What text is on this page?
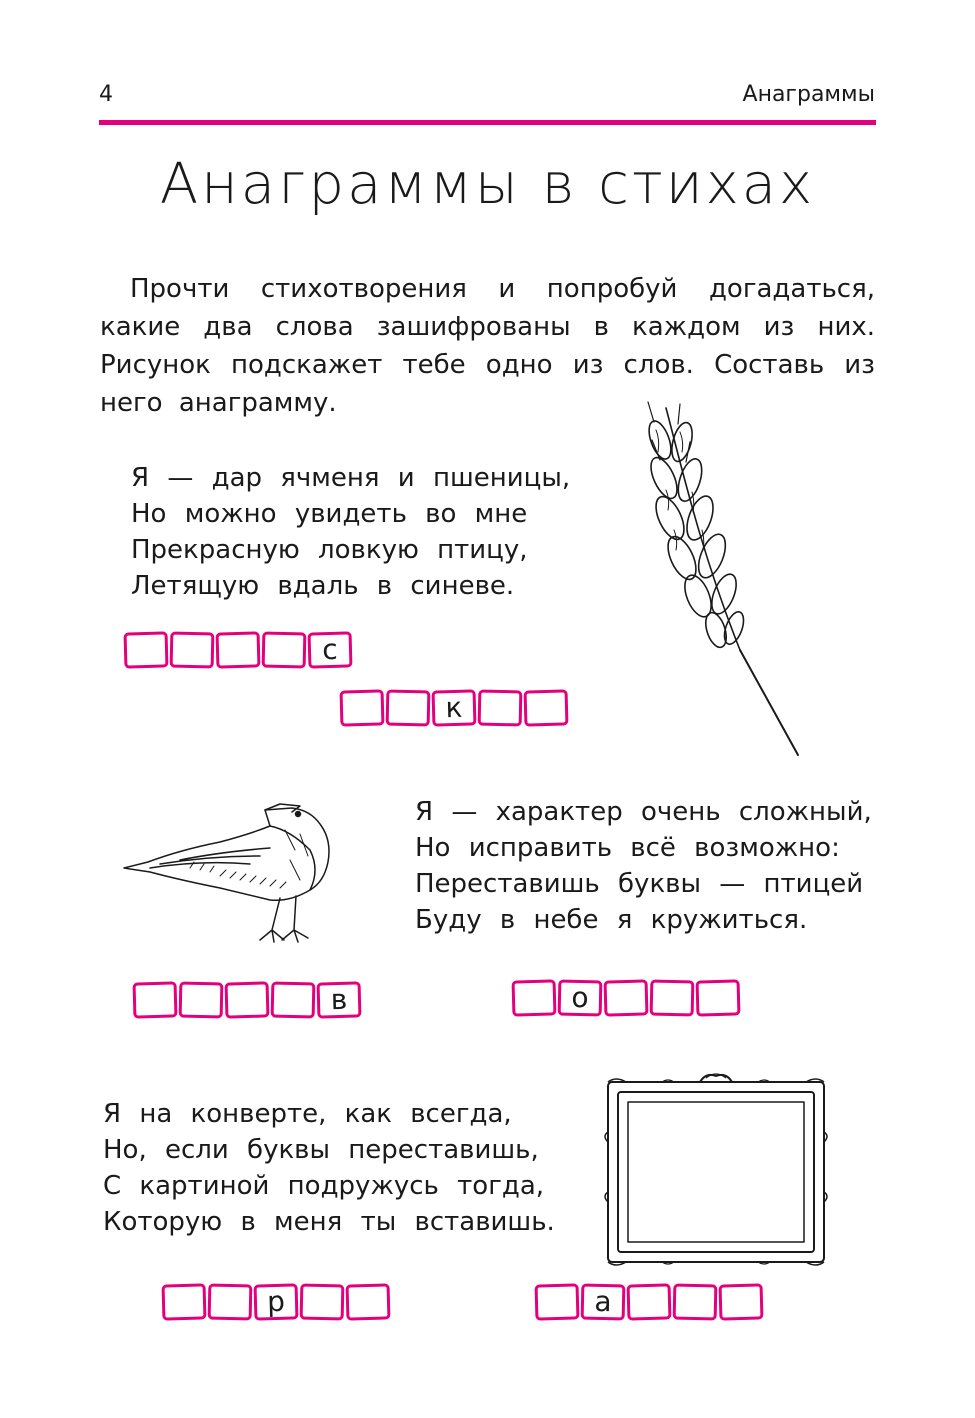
4	Анаграммы
Анаграммы в стихах
Прочти стихотворения и попробуй догадаться, какие два слова зашифрованы в каждом из них. Рисунок подскажет тебе одно из слов. Составь из него анаграмму.
Я — дар ячменя и пшеницы,
Но можно увидеть во мне
Прекрасную ловкую птицу,
Летящую вдаль в синеве.
с
к
Я — характер очень сложный,
Но исправить всё возможно:
Переставишь буквы — птицей
Буду в небе я кружиться.
в	о
Я на конверте, как всегда,
Но, если буквы переставишь,
С картиной подружусь тогда,
Которую в меня ты вставишь.
р	а
